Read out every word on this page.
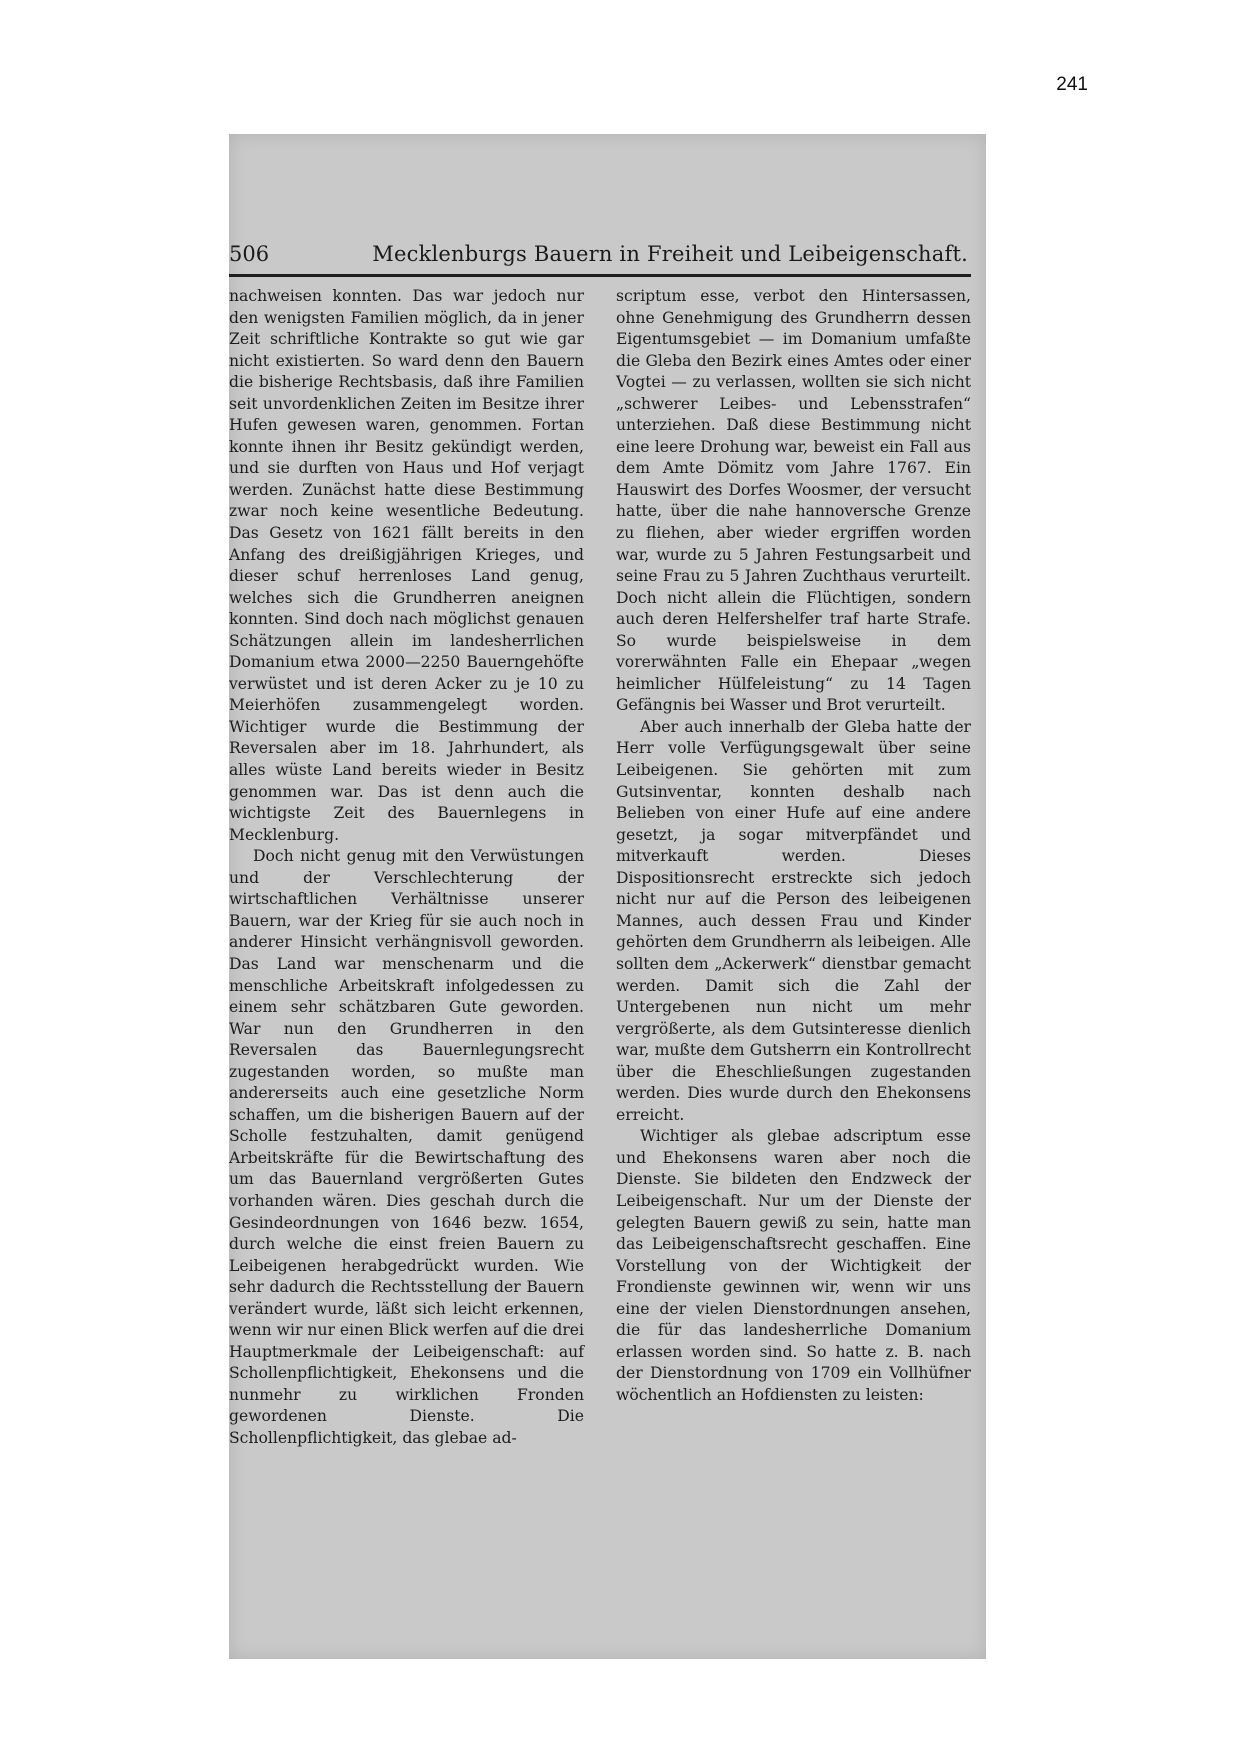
241
506	Mecklenburgs Bauern in Freiheit und Leibeigenschaft.

nachweisen konnten. Das war jedoch nur den wenigsten Familien möglich, da in jener Zeit schriftliche Kontrakte so gut wie gar nicht existierten. So ward denn den Bauern die bisherige Rechtsbasis, daß ihre Familien seit unvordenklichen Zeiten im Besitze ihrer Hufen gewesen waren, genommen. Fortan konnte ihnen ihr Besitz gekündigt werden, und sie durften von Haus und Hof verjagt werden. Zunächst hatte diese Bestimmung zwar noch keine wesentliche Bedeutung. Das Gesetz von 1621 fällt bereits in den Anfang des dreißigjährigen Krieges, und dieser schuf herrenloses Land genug, welches sich die Grundherren aneignen konnten. Sind doch nach möglichst genauen Schätzungen allein im landesherrlichen Domanium etwa 2000—2250 Bauerngehöfte verwüstet und ist deren Acker zu je 10 zu Meierhöfen zusammengelegt worden. Wichtiger wurde die Bestimmung der Reversalen aber im 18. Jahrhundert, als alles wüste Land bereits wieder in Besitz genommen war. Das ist denn auch die wichtigste Zeit des Bauernlegens in Mecklenburg.

Doch nicht genug mit den Verwüstungen und der Verschlechterung der wirtschaftlichen Verhältnisse unserer Bauern, war der Krieg für sie auch noch in anderer Hinsicht verhängnisvoll geworden. Das Land war menschenarm und die menschliche Arbeitskraft infolgedessen zu einem sehr schätzbaren Gute geworden. War nun den Grundherren in den Reversalen das Bauernlegungsrecht zugestanden worden, so mußte man andererseits auch eine gesetzliche Norm schaffen, um die bisherigen Bauern auf der Scholle festzuhalten, damit genügend Arbeitskräfte für die Bewirtschaftung des um das Bauernland vergrößerten Gutes vorhanden wären. Dies geschah durch die Gesindeordnungen von 1646 bezw. 1654, durch welche die einst freien Bauern zu Leibeigenen herabgedrückt wurden. Wie sehr dadurch die Rechtsstellung der Bauern verändert wurde, läßt sich leicht erkennen, wenn wir nur einen Blick werfen auf die drei Hauptmerkmale der Leibeigenschaft: auf Schollenpflichtigkeit, Ehekonsens und die nunmehr zu wirklichen Fronden gewordenen Dienste. Die Schollenpflichtigkeit, das glebae ad-

scriptum esse, verbot den Hintersassen, ohne Genehmigung des Grundherrn dessen Eigentumsgebiet — im Domanium umfaßte die Gleba den Bezirk eines Amtes oder einer Vogtei — zu verlassen, wollten sie sich nicht „schwerer Leibes- und Lebensstrafen“ unterziehen. Daß diese Bestimmung nicht eine leere Drohung war, beweist ein Fall aus dem Amte Dömitz vom Jahre 1767. Ein Hauswirt des Dorfes Woosmer, der versucht hatte, über die nahe hannoversche Grenze zu fliehen, aber wieder ergriffen worden war, wurde zu 5 Jahren Festungsarbeit und seine Frau zu 5 Jahren Zuchthaus verurteilt. Doch nicht allein die Flüchtigen, sondern auch deren Helfershelfer traf harte Strafe. So wurde beispielsweise in dem vorerwähnten Falle ein Ehepaar „wegen heimlicher Hülfeleistung“ zu 14 Tagen Gefängnis bei Wasser und Brot verurteilt.

Aber auch innerhalb der Gleba hatte der Herr volle Verfügungsgewalt über seine Leibeigenen. Sie gehörten mit zum Gutsinventar, konnten deshalb nach Belieben von einer Hufe auf eine andere gesetzt, ja sogar mitverpfändet und mitverkauft werden. Dieses Dispositionsrecht erstreckte sich jedoch nicht nur auf die Person des leibeigenen Mannes, auch dessen Frau und Kinder gehörten dem Grundherrn als leibeigen. Alle sollten dem „Ackerwerk“ dienstbar gemacht werden. Damit sich die Zahl der Untergebenen nun nicht um mehr vergrößerte, als dem Gutsinteresse dienlich war, mußte dem Gutsherrn ein Kontrollrecht über die Eheschließungen zugestanden werden. Dies wurde durch den Ehekonsens erreicht.

Wichtiger als glebae adscriptum esse und Ehekonsens waren aber noch die Dienste. Sie bildeten den Endzweck der Leibeigenschaft. Nur um der Dienste der gelegten Bauern gewiß zu sein, hatte man das Leibeigenschaftsrecht geschaffen. Eine Vorstellung von der Wichtigkeit der Frondienste gewinnen wir, wenn wir uns eine der vielen Dienstordnungen ansehen, die für das landesherrliche Domanium erlassen worden sind. So hatte z. B. nach der Dienstordnung von 1709 ein Vollhüfner wöchentlich an Hofdiensten zu leisten:
